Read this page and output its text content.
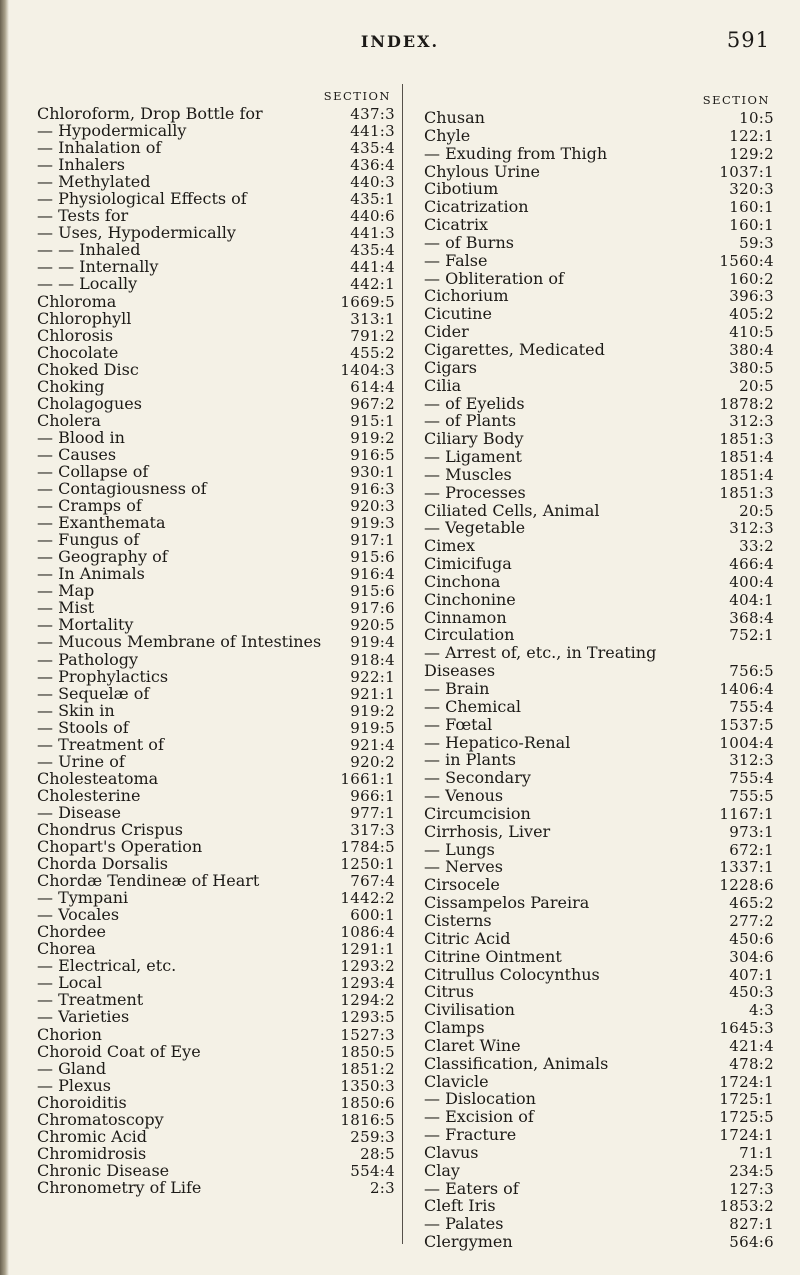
INDEX.	591
SECTION
Chloroform, Drop Bottle for	437:3
— Hypodermically	441:3
— Inhalation of	435:4
— Inhalers	436:4
— Methylated	440:3
— Physiological Effects of	435:1
— Tests for	440:6
— Uses, Hypodermically	441:3
— — Inhaled	435:4
— — Internally	441:4
— — Locally	442:1
Chloroma	1669:5
Chlorophyll	313:1
Chlorosis	791:2
Chocolate	455:2
Choked Disc	1404:3
Choking	614:4
Cholagogues	967:2
Cholera	915:1
— Blood in	919:2
— Causes	916:5
— Collapse of	930:1
— Contagiousness of	916:3
— Cramps of	920:3
— Exanthemata	919:3
— Fungus of	917:1
— Geography of	915:6
— In Animals	916:4
— Map	915:6
— Mist	917:6
— Mortality	920:5
— Mucous Membrane of Intestines	919:4
— Pathology	918:4
— Prophylactics	922:1
— Sequelæ of	921:1
— Skin in	919:2
— Stools of	919:5
— Treatment of	921:4
— Urine of	920:2
Cholesteatoma	1661:1
Cholesterine	966:1
— Disease	977:1
Chondrus Crispus	317:3
Chopart's Operation	1784:5
Chorda Dorsalis	1250:1
Chordæ Tendineæ of Heart	767:4
— Tympani	1442:2
— Vocales	600:1
Chordee	1086:4
Chorea	1291:1
— Electrical, etc.	1293:2
— Local	1293:4
— Treatment	1294:2
— Varieties	1293:5
Chorion	1527:3
Choroid Coat of Eye	1850:5
— Gland	1851:2
— Plexus	1350:3
Choroiditis	1850:6
Chromatoscopy	1816:5
Chromic Acid	259:3
Chromidrosis	28:5
Chronic Disease	554:4
Chronometry of Life	2:3
SECTION
Chusan	10:5
Chyle	122:1
— Exuding from Thigh	129:2
Chylous Urine	1037:1
Cibotium	320:3
Cicatrization	160:1
Cicatrix	160:1
— of Burns	59:3
— False	1560:4
— Obliteration of	160:2
Cichorium	396:3
Cicutine	405:2
Cider	410:5
Cigarettes, Medicated	380:4
Cigars	380:5
Cilia	20:5
— of Eyelids	1878:2
— of Plants	312:3
Ciliary Body	1851:3
— Ligament	1851:4
— Muscles	1851:4
— Processes	1851:3
Ciliated Cells, Animal	20:5
— Vegetable	312:3
Cimex	33:2
Cimicifuga	466:4
Cinchona	400:4
Cinchonine	404:1
Cinnamon	368:4
Circulation	752:1
— Arrest of, etc., in Treating
Diseases	756:5
— Brain	1406:4
— Chemical	755:4
— Fœtal	1537:5
— Hepatico-Renal	1004:4
— in Plants	312:3
— Secondary	755:4
— Venous	755:5
Circumcision	1167:1
Cirrhosis, Liver	973:1
— Lungs	672:1
— Nerves	1337:1
Cirsocele	1228:6
Cissampelos Pareira	465:2
Cisterns	277:2
Citric Acid	450:6
Citrine Ointment	304:6
Citrullus Colocynthus	407:1
Citrus	450:3
Civilisation	4:3
Clamps	1645:3
Claret Wine	421:4
Classification, Animals	478:2
Clavicle	1724:1
— Dislocation	1725:1
— Excision of	1725:5
— Fracture	1724:1
Clavus	71:1
Clay	234:5
— Eaters of	127:3
Cleft Iris	1853:2
— Palates	827:1
Clergymen	564:6
